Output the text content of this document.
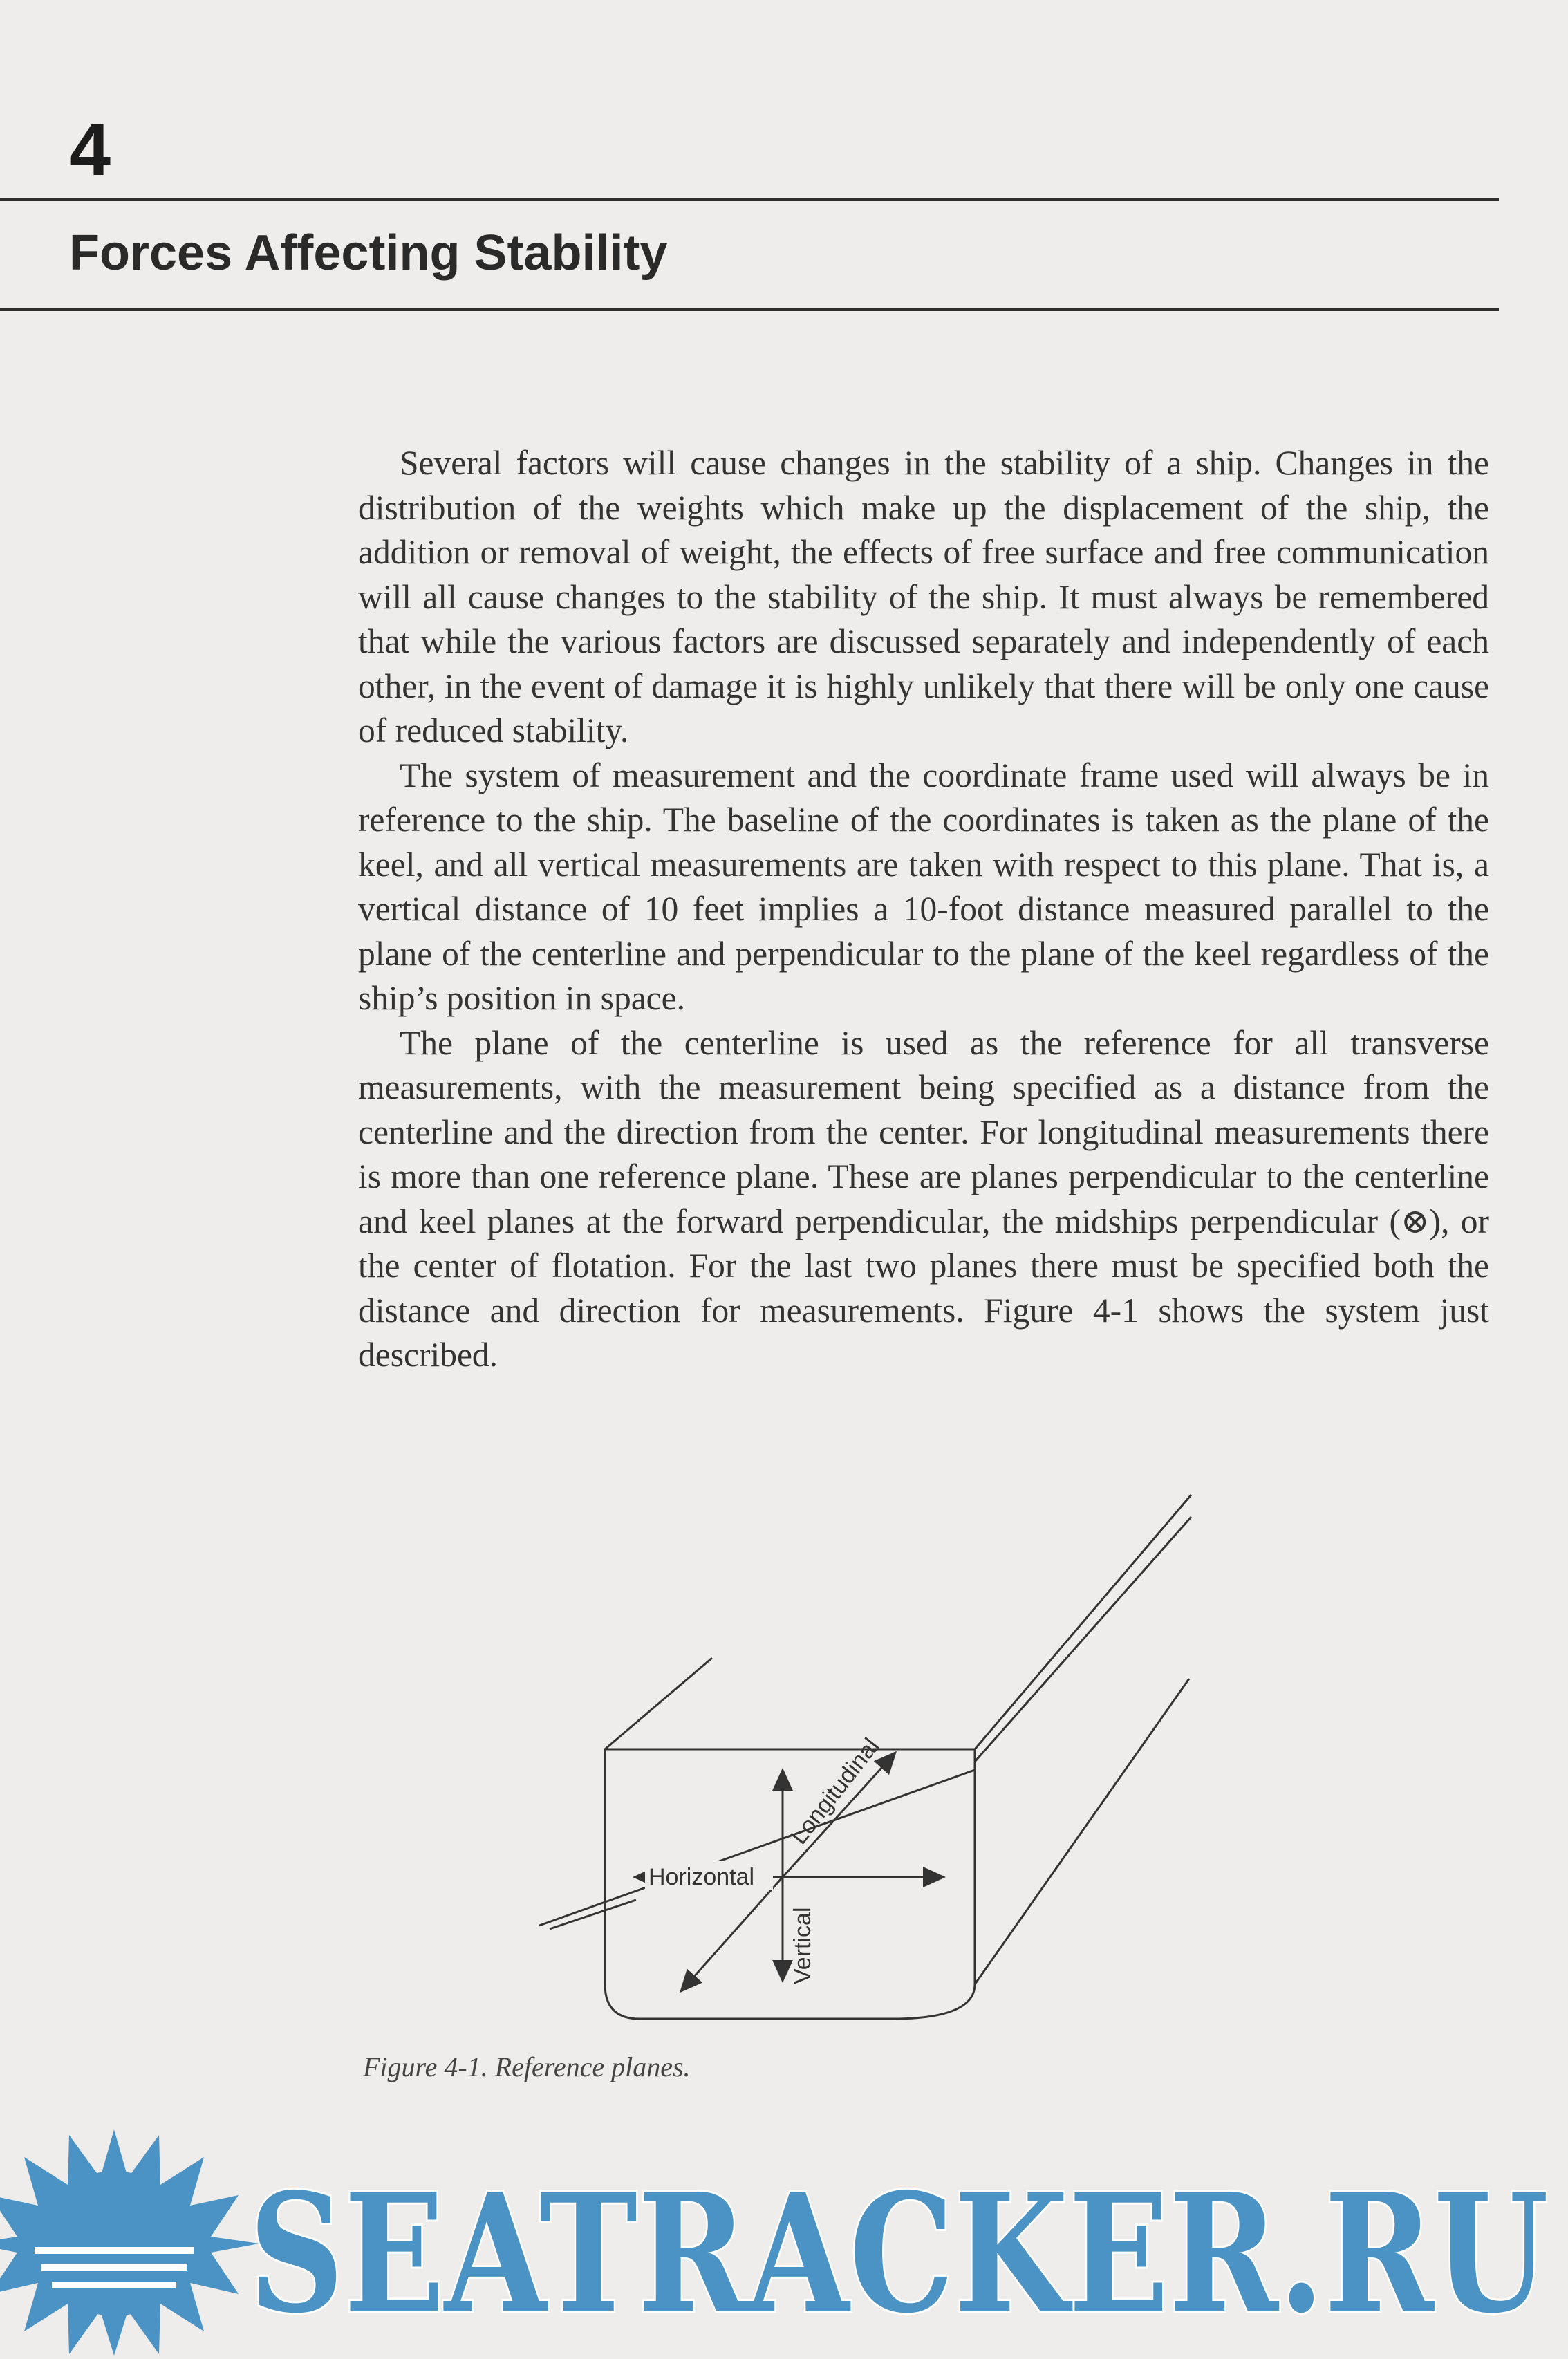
4
Forces Affecting Stability

Several factors will cause changes in the stability of a ship. Changes in the distribution of the weights which make up the displacement of the ship, the addition or removal of weight, the effects of free surface and free communication will all cause changes to the stability of the ship. It must always be remembered that while the various factors are discussed separately and independently of each other, in the event of damage it is highly unlikely that there will be only one cause of reduced stability.

The system of measurement and the coordinate frame used will always be in reference to the ship. The baseline of the coordinates is taken as the plane of the keel, and all vertical measurements are taken with respect to this plane. That is, a vertical distance of 10 feet implies a 10-foot distance measured parallel to the plane of the centerline and perpendicular to the plane of the keel regardless of the ship’s position in space.

The plane of the centerline is used as the reference for all transverse measurements, with the measurement being specified as a distance from the centerline and the direction from the center. For longitudinal measurements there is more than one reference plane. These are planes perpendicular to the centerline and keel planes at the forward perpendicular, the midships perpendicular (⊗), or the center of flotation. For the last two planes there must be specified both the distance and direction for measurements. Figure 4-1 shows the system just described.

Horizontal
Vertical
Longitudinal
Figure 4-1. Reference planes.
SEATRACKER.RU
